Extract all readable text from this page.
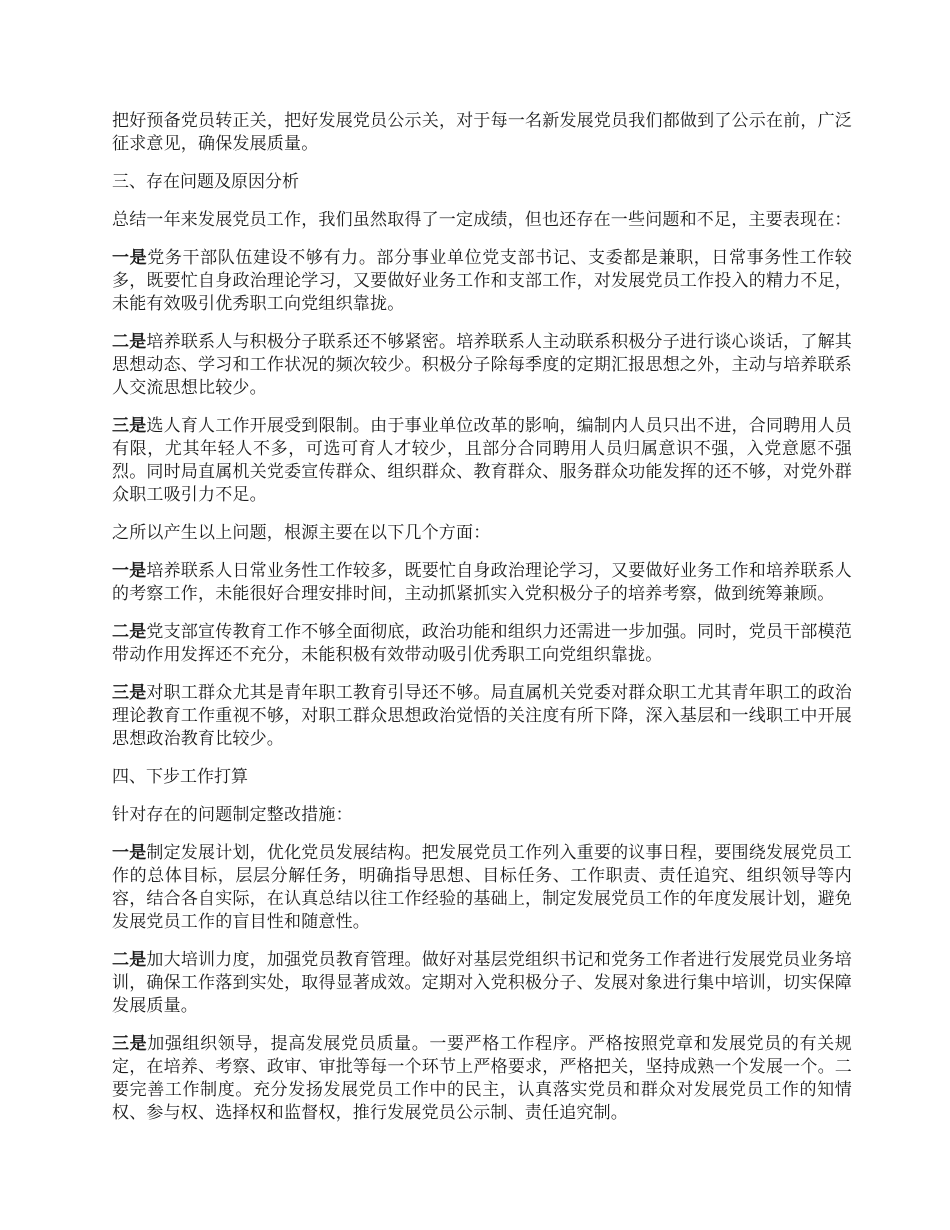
把好预备党员转正关，把好发展党员公示关，对于每一名新发展党员我们都做到了公示在前，广泛征求意见，确保发展质量。

三、存在问题及原因分析

总结一年来发展党员工作，我们虽然取得了一定成绩，但也还存在一些问题和不足，主要表现在：

一是党务干部队伍建设不够有力。部分事业单位党支部书记、支委都是兼职，日常事务性工作较多，既要忙自身政治理论学习，又要做好业务工作和支部工作，对发展党员工作投入的精力不足，未能有效吸引优秀职工向党组织靠拢。

二是培养联系人与积极分子联系还不够紧密。培养联系人主动联系积极分子进行谈心谈话，了解其思想动态、学习和工作状况的频次较少。积极分子除每季度的定期汇报思想之外，主动与培养联系人交流思想比较少。

三是选人育人工作开展受到限制。由于事业单位改革的影响，编制内人员只出不进，合同聘用人员有限，尤其年轻人不多，可选可育人才较少，且部分合同聘用人员归属意识不强，入党意愿不强烈。同时局直属机关党委宣传群众、组织群众、教育群众、服务群众功能发挥的还不够，对党外群众职工吸引力不足。

之所以产生以上问题，根源主要在以下几个方面：

一是培养联系人日常业务性工作较多，既要忙自身政治理论学习，又要做好业务工作和培养联系人的考察工作，未能很好合理安排时间，主动抓紧抓实入党积极分子的培养考察，做到统筹兼顾。

二是党支部宣传教育工作不够全面彻底，政治功能和组织力还需进一步加强。同时，党员干部模范带动作用发挥还不充分，未能积极有效带动吸引优秀职工向党组织靠拢。

三是对职工群众尤其是青年职工教育引导还不够。局直属机关党委对群众职工尤其青年职工的政治理论教育工作重视不够，对职工群众思想政治觉悟的关注度有所下降，深入基层和一线职工中开展思想政治教育比较少。

四、下步工作打算

针对存在的问题制定整改措施：

一是制定发展计划，优化党员发展结构。把发展党员工作列入重要的议事日程，要围绕发展党员工作的总体目标，层层分解任务，明确指导思想、目标任务、工作职责、责任追究、组织领导等内容，结合各自实际，在认真总结以往工作经验的基础上，制定发展党员工作的年度发展计划，避免发展党员工作的盲目性和随意性。

二是加大培训力度，加强党员教育管理。做好对基层党组织书记和党务工作者进行发展党员业务培训，确保工作落到实处，取得显著成效。定期对入党积极分子、发展对象进行集中培训，切实保障发展质量。

三是加强组织领导，提高发展党员质量。一要严格工作程序。严格按照党章和发展党员的有关规定，在培养、考察、政审、审批等每一个环节上严格要求，严格把关，坚持成熟一个发展一个。二要完善工作制度。充分发扬发展党员工作中的民主，认真落实党员和群众对发展党员工作的知情权、参与权、选择权和监督权，推行发展党员公示制、责任追究制。
